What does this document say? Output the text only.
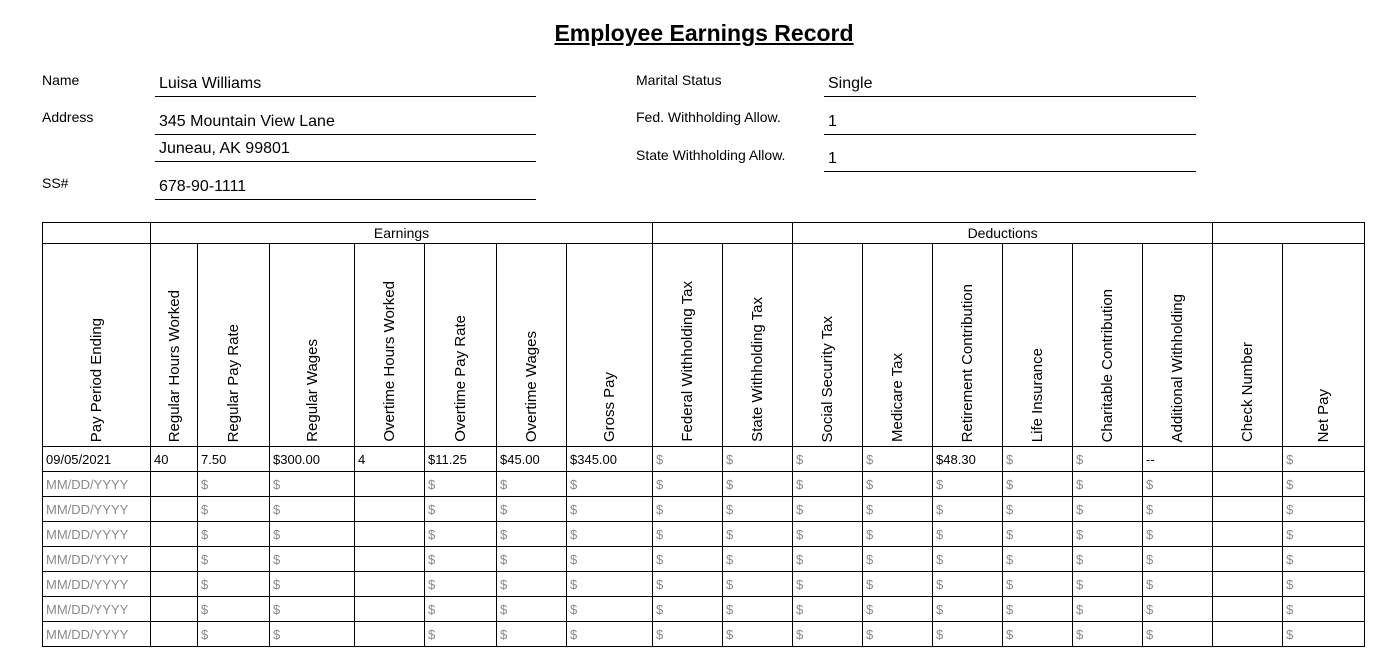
Employee Earnings Record
Name	Luisa Williams
Address	345 Mountain View Lane
Juneau, AK 99801
SS#	678-90-1111
Marital Status	Single
Fed. Withholding Allow.	1
State Withholding Allow.	1
	Earnings									Deductions							

Pay Period Ending	Regular Hours Worked	Regular Pay Rate	Regular Wages	Overtime Hours Worked	Overtime Pay Rate	Overtime Wages	Gross Pay	Federal Withholding Tax	State Withholding Tax	Social Security Tax	Medicare Tax	Retirement Contribution	Life Insurance	Charitable Contribution	Additional Withholding	Check Number	Net Pay

09/05/2021	40	7.50	$300.00	4	$11.25	$45.00	$345.00	$	$	$	$	$48.30	$	$	--		$
MM/DD/YYYY		$	$		$	$	$	$	$	$	$	$	$	$	$		$
MM/DD/YYYY		$	$		$	$	$	$	$	$	$	$	$	$	$		$
MM/DD/YYYY		$	$		$	$	$	$	$	$	$	$	$	$	$		$
MM/DD/YYYY		$	$		$	$	$	$	$	$	$	$	$	$	$		$
MM/DD/YYYY		$	$		$	$	$	$	$	$	$	$	$	$	$		$
MM/DD/YYYY		$	$		$	$	$	$	$	$	$	$	$	$	$		$
MM/DD/YYYY		$	$		$	$	$	$	$	$	$	$	$	$	$		$
